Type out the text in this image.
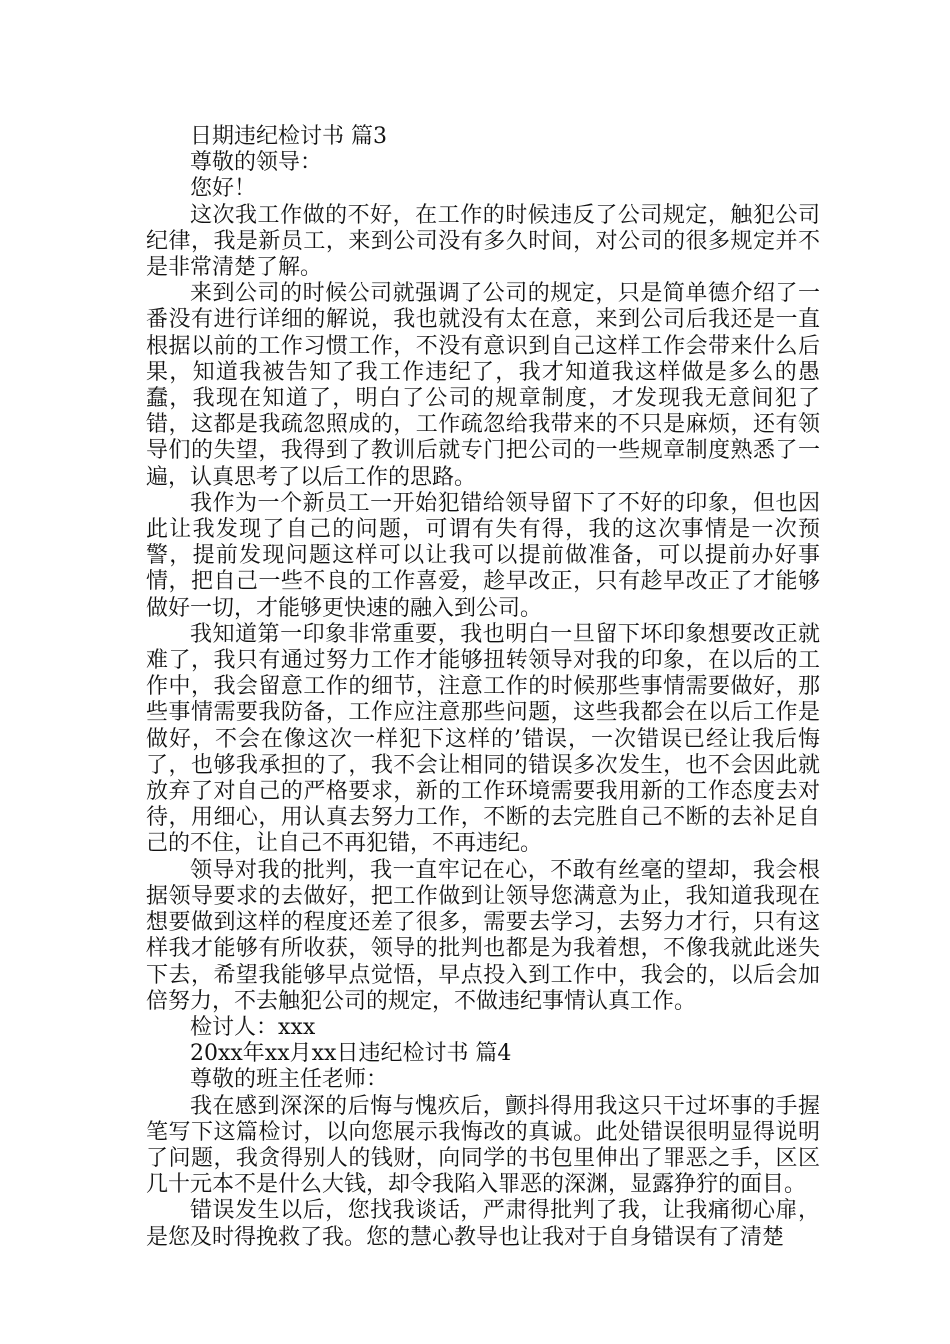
日期违纪检讨书 篇3
尊敬的领导：
您好！

这次我工作做的不好，在工作的时候违反了公司规定，触犯公司纪律，我是新员工，来到公司没有多久时间，对公司的很多规定并不是非常清楚了解。

来到公司的时候公司就强调了公司的规定，只是简单德介绍了一番没有进行详细的解说，我也就没有太在意，来到公司后我还是一直根据以前的工作习惯工作，不没有意识到自己这样工作会带来什么后果，知道我被告知了我工作违纪了，我才知道我这样做是多么的愚蠢，我现在知道了，明白了公司的规章制度，才发现我无意间犯了错，这都是我疏忽照成的，工作疏忽给我带来的不只是麻烦，还有领导们的失望，我得到了教训后就专门把公司的一些规章制度熟悉了一遍，认真思考了以后工作的思路。

我作为一个新员工一开始犯错给领导留下了不好的印象，但也因此让我发现了自己的问题，可谓有失有得，我的这次事情是一次预警，提前发现问题这样可以让我可以提前做准备，可以提前办好事情，把自己一些不良的工作喜爱，趁早改正，只有趁早改正了才能够做好一切，才能够更快速的融入到公司。

我知道第一印象非常重要，我也明白一旦留下坏印象想要改正就难了，我只有通过努力工作才能够扭转领导对我的印象，在以后的工作中，我会留意工作的细节，注意工作的时候那些事情需要做好，那些事情需要我防备，工作应注意那些问题，这些我都会在以后工作是做好，不会在像这次一样犯下这样的’错误，一次错误已经让我后悔了，也够我承担的了，我不会让相同的错误多次发生，也不会因此就放弃了对自己的严格要求，新的工作环境需要我用新的工作态度去对待，用细心，用认真去努力工作，不断的去完胜自己不断的去补足自己的不住，让自己不再犯错，不再违纪。

领导对我的批判，我一直牢记在心，不敢有丝毫的望却，我会根据领导要求的去做好，把工作做到让领导您满意为止，我知道我现在想要做到这样的程度还差了很多，需要去学习，去努力才行，只有这样我才能够有所收获，领导的批判也都是为我着想，不像我就此迷失下去，希望我能够早点觉悟，早点投入到工作中，我会的，以后会加倍努力，不去触犯公司的规定，不做违纪事情认真工作。

检讨人：xxx
20xx年xx月xx日违纪检讨书 篇4
尊敬的班主任老师：

我在感到深深的后悔与愧疚后，颤抖得用我这只干过坏事的手握笔写下这篇检讨，以向您展示我悔改的真诚。此处错误很明显得说明了问题，我贪得别人的钱财，向同学的书包里伸出了罪恶之手，区区几十元本不是什么大钱，却令我陷入罪恶的深渊，显露狰狞的面目。

错误发生以后，您找我谈话，严肃得批判了我，让我痛彻心扉，是您及时得挽救了我。您的慧心教导也让我对于自身错误有了清楚
